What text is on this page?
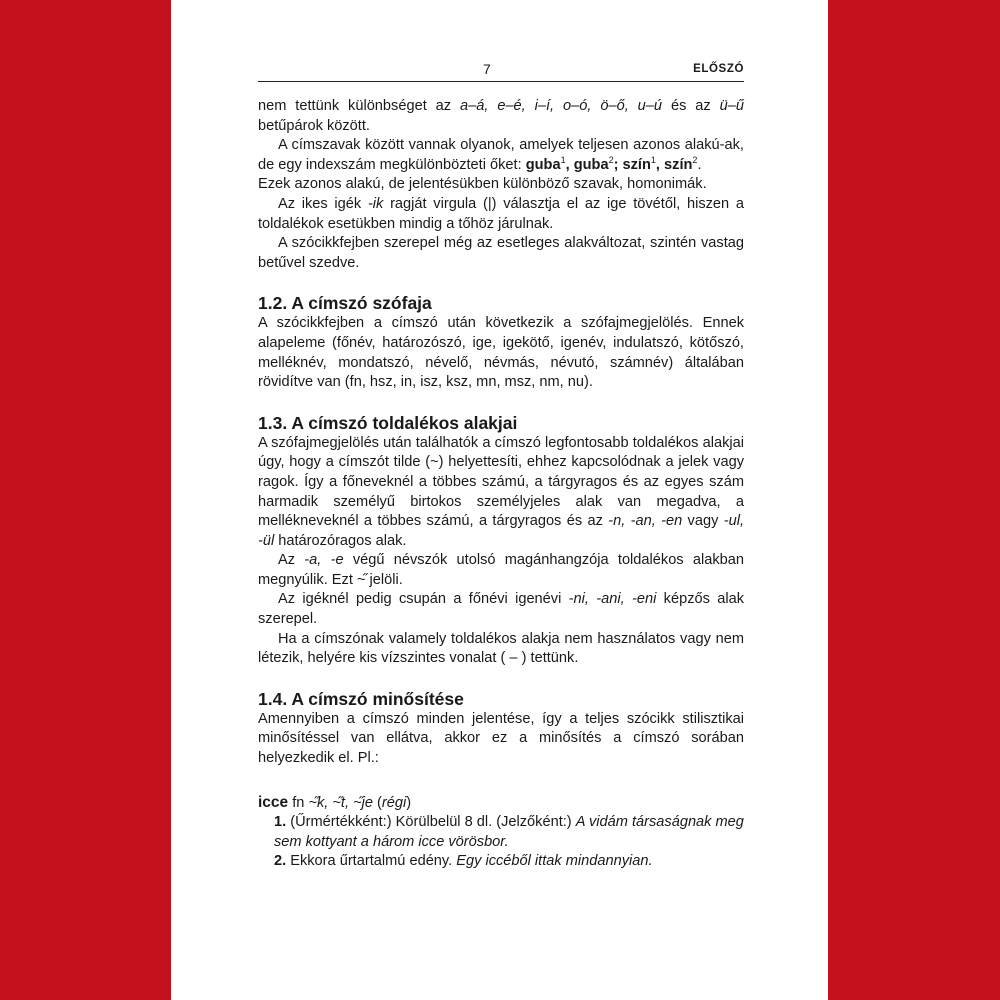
7	ELŐSZÓ

nem tettünk különbséget az a–á, e–é, i–í, o–ó, ö–ő, u–ú és az ü–ű betűpárok között.

A címszavak között vannak olyanok, amelyek teljesen azonos alakú-ak, de egy indexszám megkülönbözteti őket: guba$^1$, guba$^2$; szín$^1$, szín$^2$.

Ezek azonos alakú, de jelentésükben különböző szavak, homonimák.

Az ikes igék -ik ragját virgula (|) választja el az ige tövétől, hiszen a toldalékok esetükben mindig a tőhöz járulnak.

A szócikkfejben szerepel még az esetleges alakváltozat, szintén vastag betűvel szedve.

1.2. A címszó szófaja

A szócikkfejben a címszó után következik a szófajmegjelölés. Ennek alapeleme (főnév, határozószó, ige, igekötő, igenév, indulatszó, kötőszó, melléknév, mondatszó, névelő, névmás, névutó, számnév) általában rövidítve van (fn, hsz, in, isz, ksz, mn, msz, nm, nu).

1.3. A címszó toldalékos alakjai

A szófajmegjelölés után találhatók a címszó legfontosabb toldalékos alakjai úgy, hogy a címszót tilde (~) helyettesíti, ehhez kapcsolódnak a jelek vagy ragok. Így a főneveknél a többes számú, a tárgyragos és az egyes szám harmadik személyű birtokos személyjeles alak van megadva, a mellékneveknél a többes számú, a tárgyragos és az -n, -an, -en vagy -ul, -ül határozóragos alak.

Az -a, -e végű névszók utolsó magánhangzója toldalékos alakban megnyúlik. Ezt ~̋ jelöli.

Az igéknél pedig csupán a főnévi igenévi -ni, -ani, -eni képzős alak szerepel.

Ha a címszónak valamely toldalékos alakja nem használatos vagy nem létezik, helyére kis vízszintes vonalat ( – ) tettünk.

1.4. A címszó minősítése

Amennyiben a címszó minden jelentése, így a teljes szócikk stilisztikai minősítéssel van ellátva, akkor ez a minősítés a címszó sorában helyezkedik el. Pl.:

icce fn ~̋k, ~̋t, ~̋je (régi)

1. (Űrmértékként:) Körülbelül 8 dl. (Jelzőként:) A vidám társaságnak meg sem kottyant a három icce vörösbor.

2. Ekkora űrtartalmú edény. Egy iccéből ittak mindannyian.
